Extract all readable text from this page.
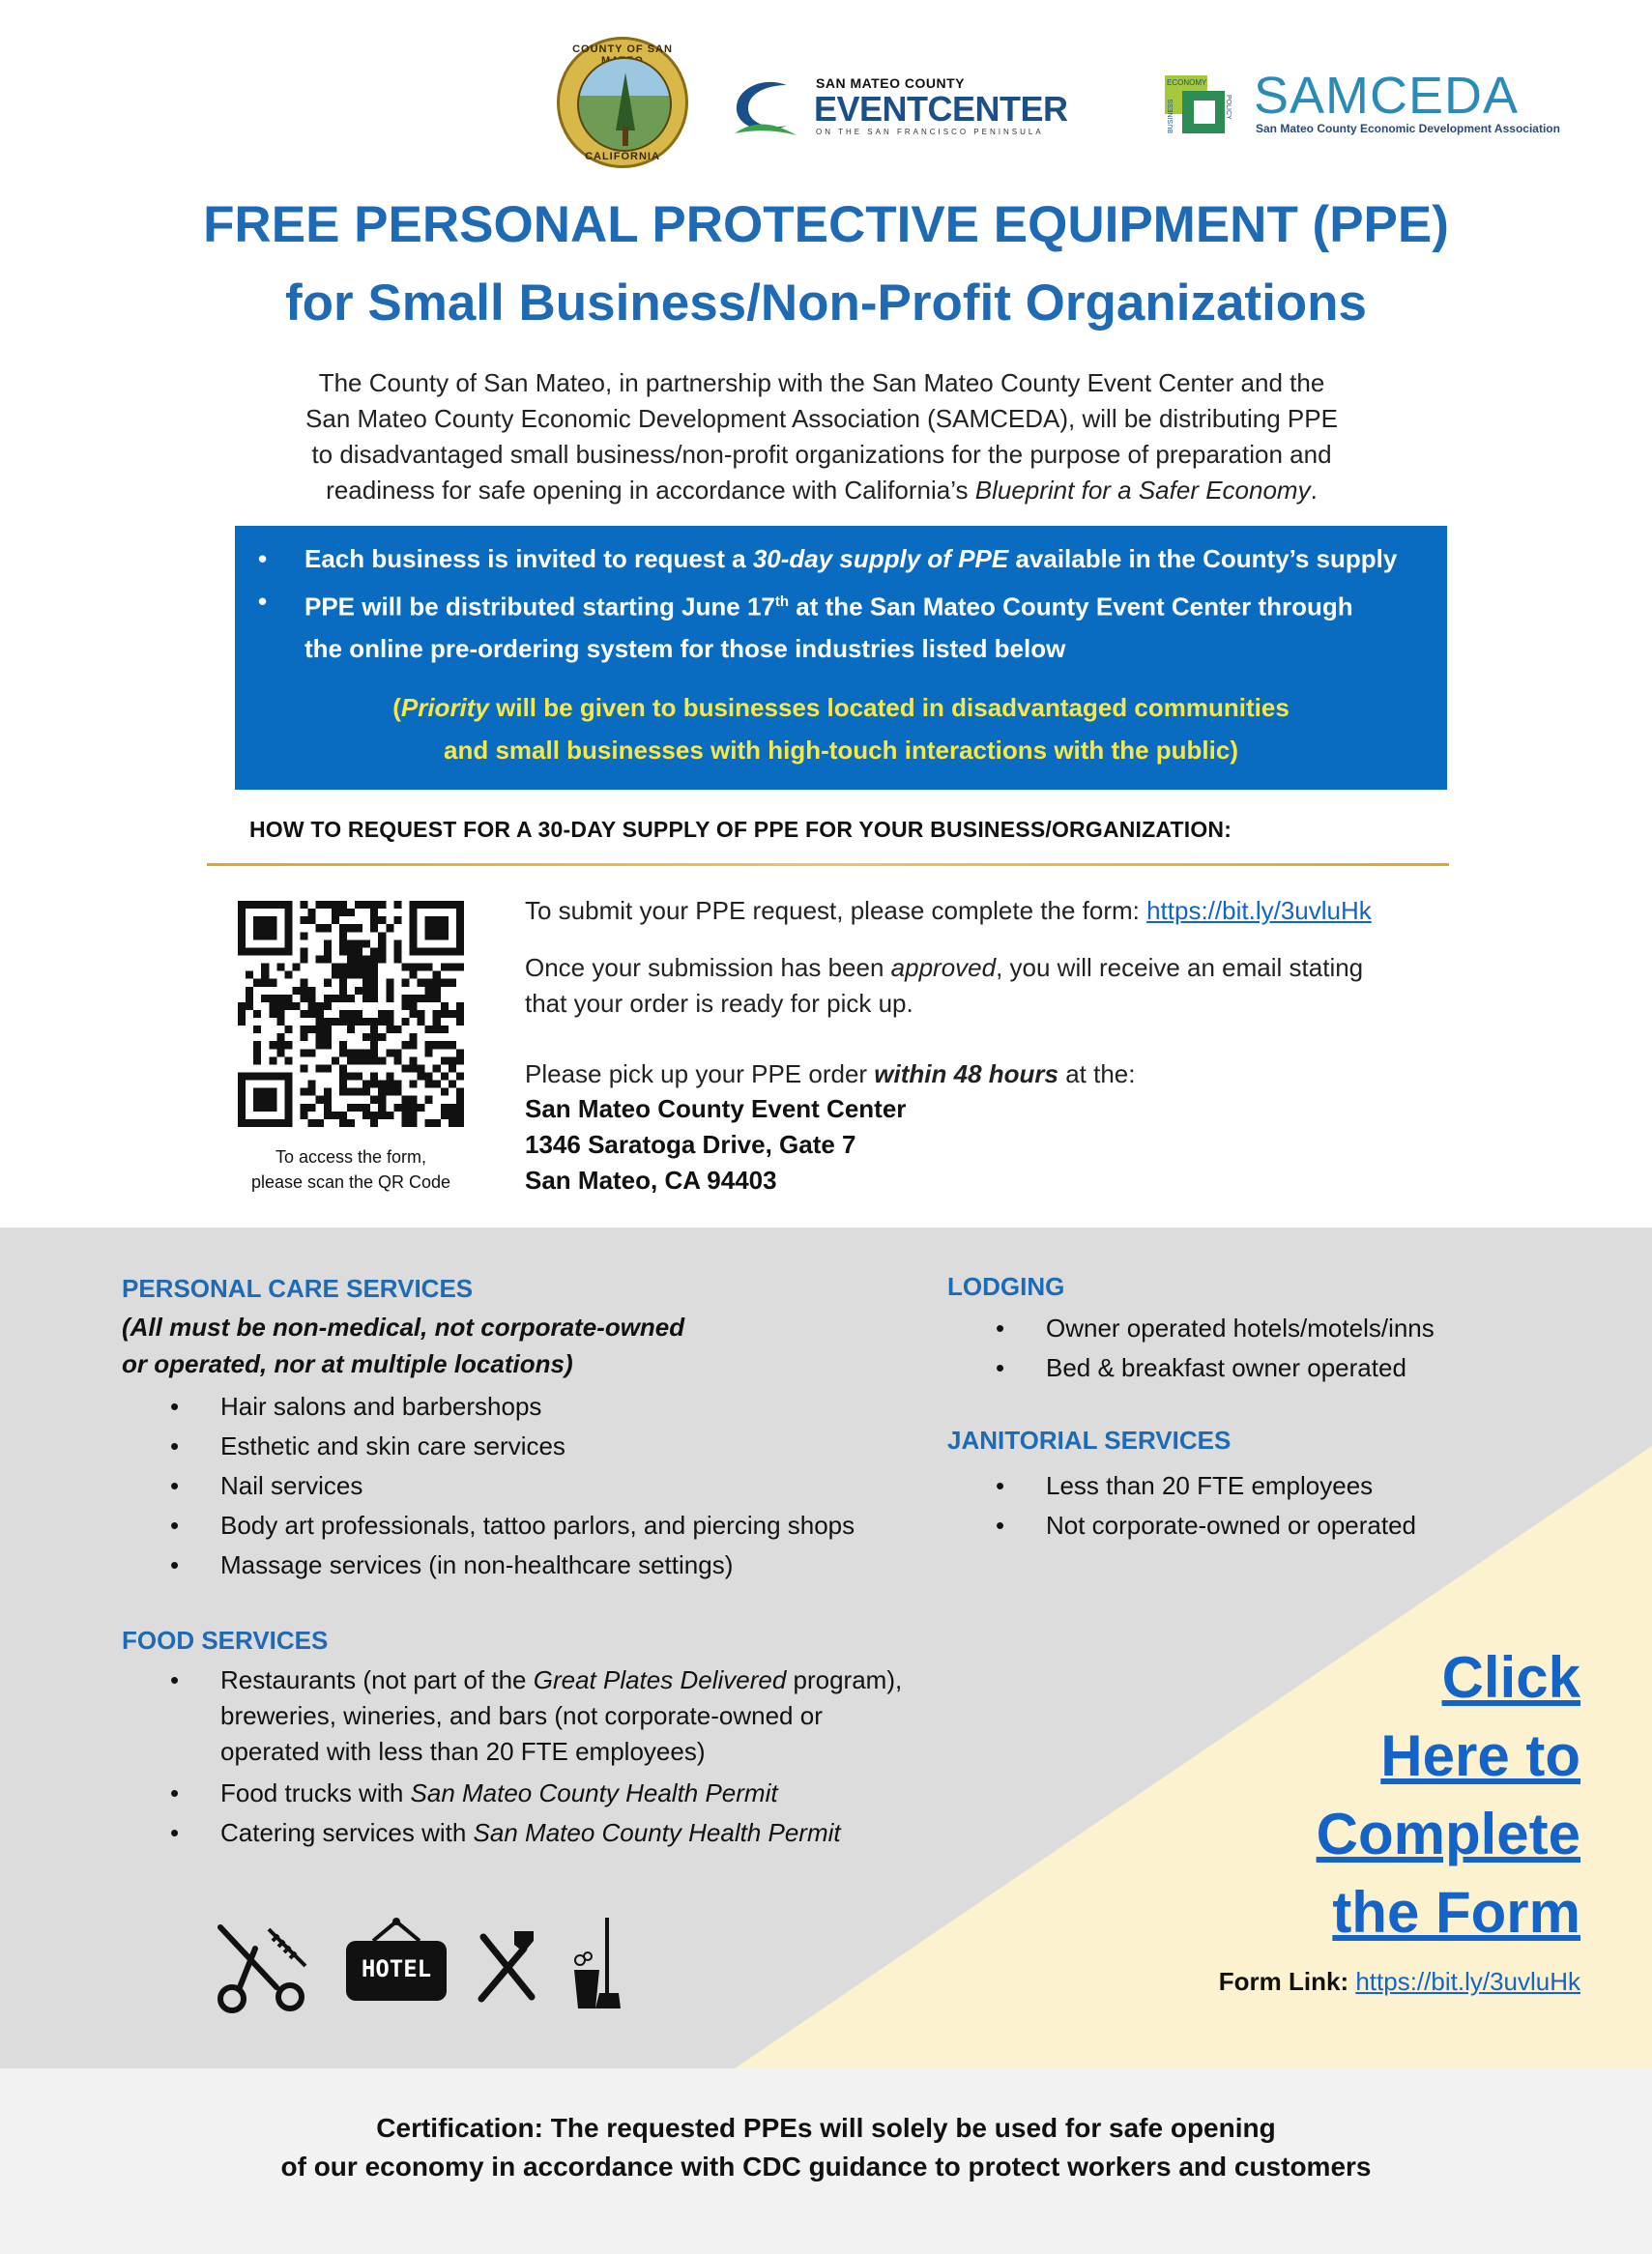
COUNTY OF SAN
CALIFORNIA
SAN MATEO COUNTY
EVENTCENTER
ON THE SAN FRANCISCO PENINSULA
ECONOMY
BUSINESS	POLICY SAMCEDA
San Mateo County Economic Development Association
FREE PERSONAL PROTECTIVE EQUIPMENT (PPE)
for Small Business/Non-Profit Organizations

The County of San Mateo, in partnership with the San Mateo County Event Center and the

San Mateo County Economic Development Association (SAMCEDA), will be distributing PPE

to disadvantaged small business/non-profit organizations for the purpose of preparation and

readiness for safe opening in accordance with California’s Blueprint for a Safer Economy.

• Each business is invited to request a 30-day supply of PPE available in the County’s supply
• PPE will be distributed starting June 17th at the San Mateo County Event Center through
the online pre-ordering system for those industries listed below
(Priority will be given to businesses located in disadvantaged communities
and small businesses with high-touch interactions with the public)
HOW TO REQUEST FOR A 30-DAY SUPPLY OF PPE FOR YOUR BUSINESS/ORGANIZATION:
To access the form,
please scan the QR Code
To submit your PPE request, please complete the form: https://bit.ly/3uvluHk
Once your submission has been approved, you will receive an email stating
that your order is ready for pick up.
Please pick up your PPE order within 48 hours at the:
San Mateo County Event Center
1346 Saratoga Drive, Gate 7
San Mateo, CA 94403
PERSONAL CARE SERVICES
(All must be non-medical, not corporate-owned
or operated, nor at multiple locations)
• Hair salons and barbershops
• Esthetic and skin care services
• Nail services
• Body art professionals, tattoo parlors, and piercing shops
• Massage services (in non-healthcare settings)
FOOD SERVICES
• Restaurants (not part of the Great Plates Delivered program),
breweries, wineries, and bars (not corporate-owned or
operated with less than 20 FTE employees)
• Food trucks with San Mateo County Health Permit
• Catering services with San Mateo County Health Permit
LODGING
• Owner operated hotels/motels/inns
• Bed & breakfast owner operated
JANITORIAL SERVICES
• Less than 20 FTE employees
• Not corporate-owned or operated
HOTEL
Click
Here to
Complete
the Form
Form Link: https://bit.ly/3uvluHk
Certification: The requested PPEs will solely be used for safe opening
of our economy in accordance with CDC guidance to protect workers and customers
